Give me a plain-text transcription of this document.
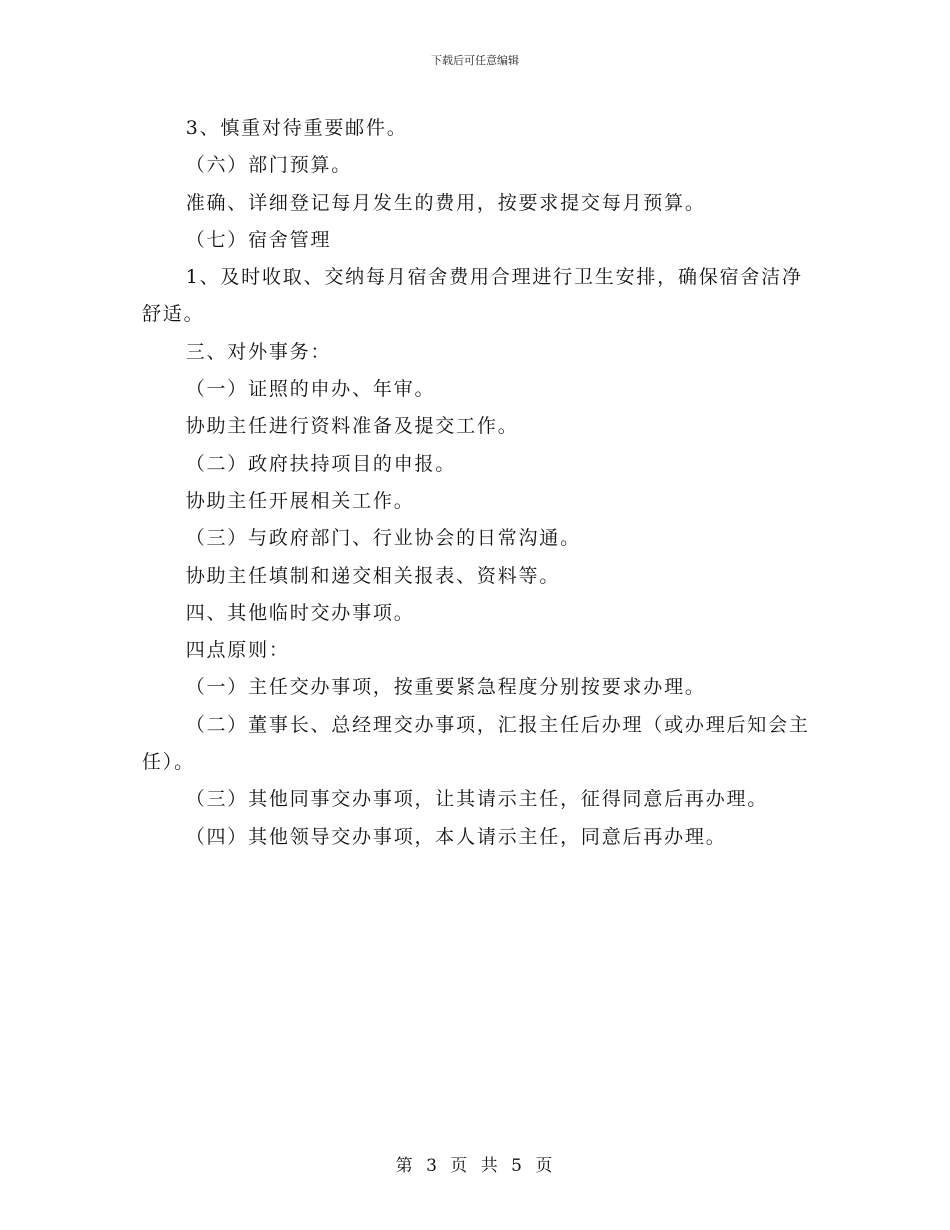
下载后可任意编辑

3、慎重对待重要邮件。

（六）部门预算。

准确、详细登记每月发生的费用，按要求提交每月预算。

（七）宿舍管理

1、及时收取、交纳每月宿舍费用合理进行卫生安排，确保宿舍洁净舒适。

三、对外事务：

（一）证照的申办、年审。

协助主任进行资料准备及提交工作。

（二）政府扶持项目的申报。

协助主任开展相关工作。

（三）与政府部门、行业协会的日常沟通。

协助主任填制和递交相关报表、资料等。

四、其他临时交办事项。

四点原则：

（一）主任交办事项，按重要紧急程度分别按要求办理。

（二）董事长、总经理交办事项，汇报主任后办理（或办理后知会主任）。

（三）其他同事交办事项，让其请示主任，征得同意后再办理。

（四）其他领导交办事项，本人请示主任，同意后再办理。

第 3 页 共 5 页
